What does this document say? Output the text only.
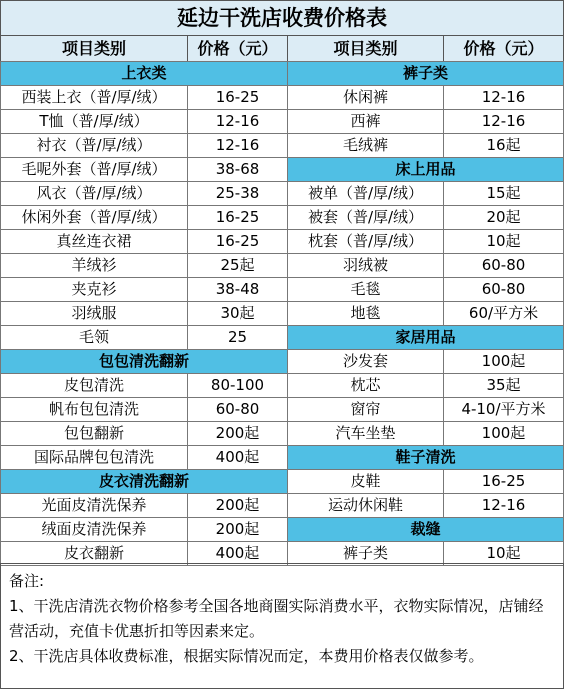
延边干洗店收费价格表
项目类别	价格（元）	项目类别	价格（元）
上衣类
西装上衣（普/厚/绒）	16-25
T恤（普/厚/绒）	12-16
衬衣（普/厚/绒）	12-16
毛呢外套（普/厚/绒）	38-68
风衣（普/厚/绒）	25-38
休闲外套（普/厚/绒）	16-25
真丝连衣裙	16-25
羊绒衫	25起
夹克衫	38-48
羽绒服	30起
毛领	25
包包清洗翻新
皮包清洗	80-100
帆布包包清洗	60-80
包包翻新	200起
国际品牌包包清洗	400起
皮衣清洗翻新
光面皮清洗保养	200起
绒面皮清洗保养	200起
皮衣翻新	400起
裤子类
休闲裤	12-16
西裤	12-16
毛绒裤	16起
床上用品
被单（普/厚/绒）	15起
被套（普/厚/绒）	20起
枕套（普/厚/绒）	10起
羽绒被	60-80
毛毯	60-80
地毯	60/平方米
家居用品
沙发套	100起
枕芯	35起
窗帘	4-10/平方米
汽车坐垫	100起
鞋子清洗
皮鞋	16-25
运动休闲鞋	12-16
裁缝
裤子类	10起
备注:
1、干洗店清洗衣物价格参考全国各地商圈实际消费水平，衣物实际情况，店铺经营活动，充值卡优惠折扣等因素来定。
2、干洗店具体收费标准，根据实际情况而定，本费用价格表仅做参考。
